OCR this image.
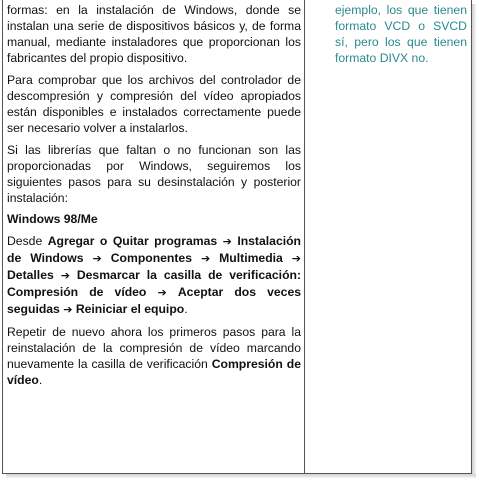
formas: en la instalación de Windows, donde se instalan una serie de dispositivos básicos y, de forma manual, mediante instaladores que proporcionan los fabricantes del propio dispositivo.

Para comprobar que los archivos del controlador de descompresión y compresión del vídeo apropiados están disponibles e instalados correctamente puede ser necesario volver a instalarlos.

Si las librerías que faltan o no funcionan son las proporcionadas por Windows, seguiremos los siguientes pasos para su desinstalación y posterior instalación:

Windows 98/Me

Desde Agregar o Quitar programas ➔ Instalación de Windows ➔ Componentes ➔ Multimedia ➔ Detalles ➔ Desmarcar la casilla de verificación: Compresión de vídeo ➔ Aceptar dos veces seguidas ➔ Reiniciar el equipo.

Repetir de nuevo ahora los primeros pasos para la reinstalación de la compresión de vídeo marcando nuevamente la casilla de verificación Compresión de vídeo.

ejemplo, los que tienen formato VCD o SVCD sí, pero los que tienen formato DIVX no.
